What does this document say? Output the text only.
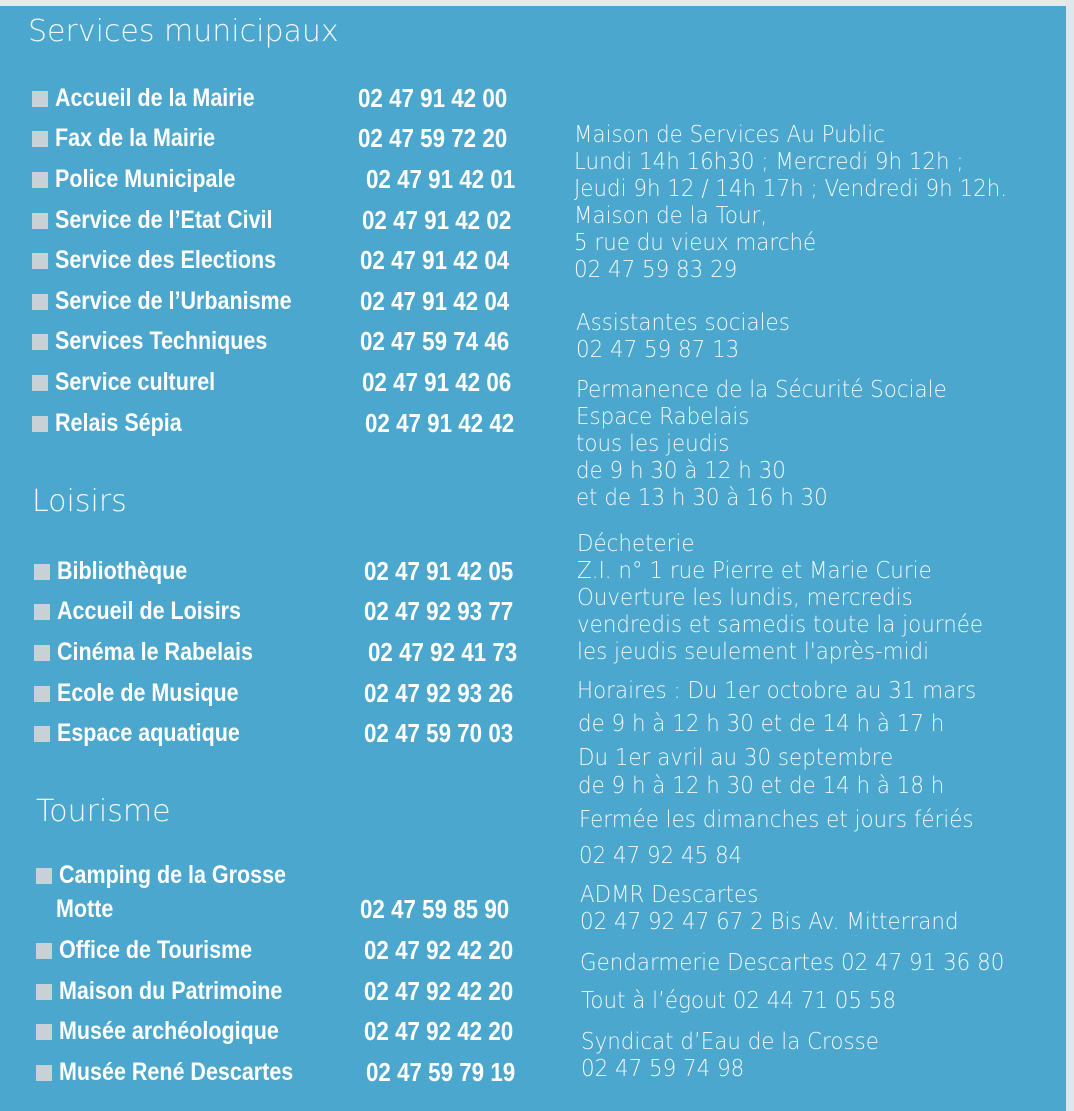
Services municipaux
Accueil de la Mairie	02 47 91 42 00
Fax de la Mairie	02 47 59 72 20
Police Municipale	02 47 91 42 01
Service de l’Etat Civil	02 47 91 42 02
Service des Elections	02 47 91 42 04
Service de l’Urbanisme	02 47 91 42 04
Services Techniques	02 47 59 74 46
Service culturel	02 47 91 42 06
Relais Sépia	02 47 91 42 42
Loisirs
Bibliothèque	02 47 91 42 05
Accueil de Loisirs	02 47 92 93 77
Cinéma le Rabelais	02 47 92 41 73
Ecole de Musique	02 47 92 93 26
Espace aquatique	02 47 59 70 03
Tourisme
Camping de la Grosse
Motte	02 47 59 85 90
Office de Tourisme	02 47 92 42 20
Maison du Patrimoine	02 47 92 42 20
Musée archéologique	02 47 92 42 20
Musée René Descartes	02 47 59 79 19
Maison de Services Au Public
Lundi 14h 16h30 ; Mercredi 9h 12h ;
Jeudi 9h 12 / 14h 17h ; Vendredi 9h 12h.
Maison de la Tour,
5 rue du vieux marché
02 47 59 83 29
Assistantes sociales
02 47 59 87 13
Permanence de la Sécurité Sociale
Espace Rabelais
tous les jeudis
de 9 h 30 à 12 h 30
et de 13 h 30 à 16 h 30
Décheterie
Z.I. n° 1 rue Pierre et Marie Curie
Ouverture les lundis, mercredis
vendredis et samedis toute la journée
les jeudis seulement l'après-midi
Horaires : Du 1er octobre au 31 mars
de 9 h à 12 h 30 et de 14 h à 17 h
Du 1er avril au 30 septembre
de 9 h à 12 h 30 et de 14 h à 18 h
Fermée les dimanches et jours fériés
02 47 92 45 84
ADMR Descartes
02 47 92 47 67 2 Bis Av. Mitterrand
Gendarmerie Descartes 02 47 91 36 80
Tout à l’égout 02 44 71 05 58
Syndicat d’Eau de la Crosse
02 47 59 74 98
